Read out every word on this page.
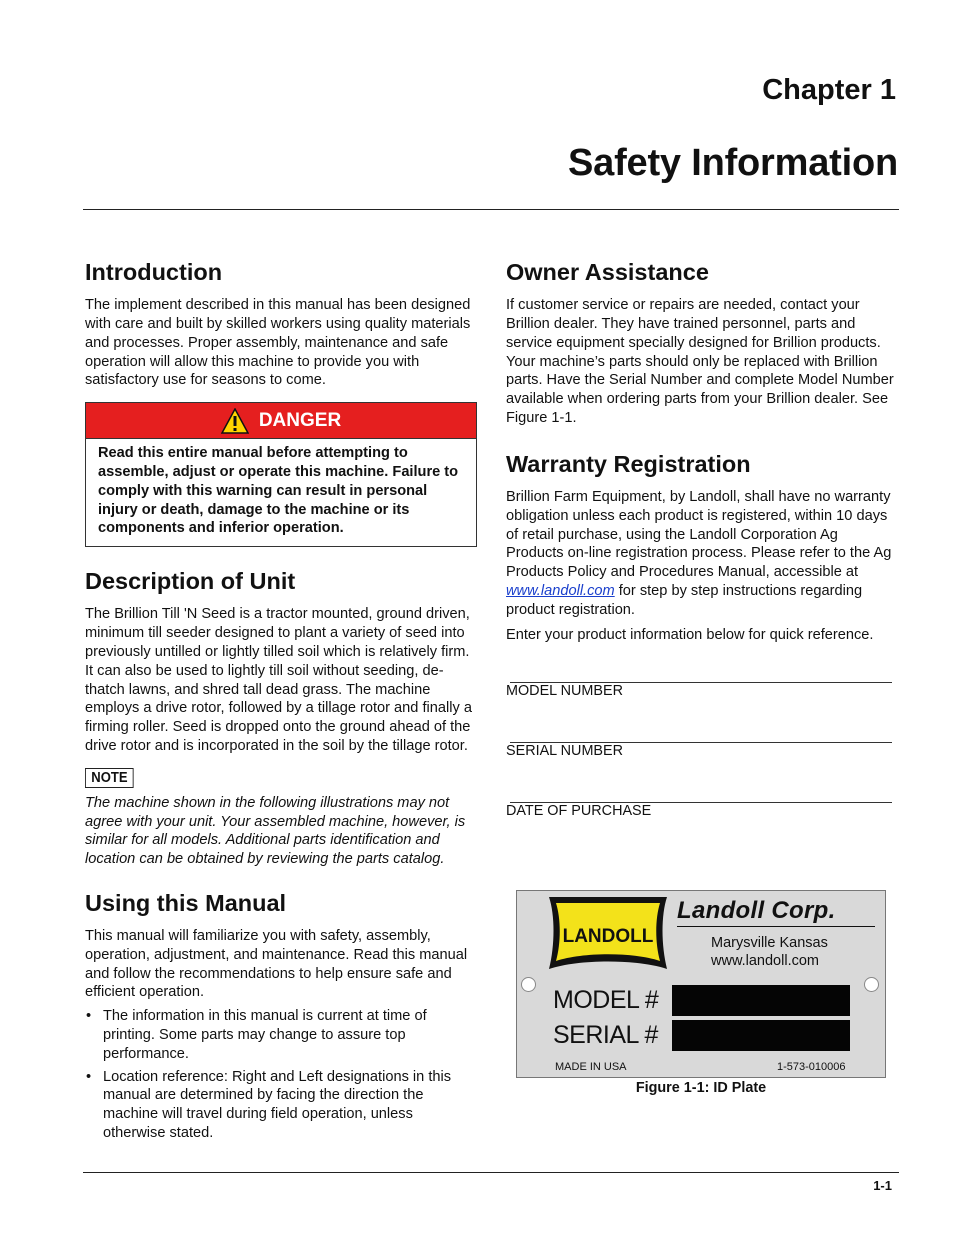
Chapter 1
Safety Information
Introduction

The implement described in this manual has been designed with care and built by skilled workers using quality materials and processes. Proper assembly, maintenance and safe operation will allow this machine to provide you with satisfactory use for seasons to come.

DANGER
Read this entire manual before attempting to assemble, adjust or operate this machine. Failure to comply with this warning can result in personal injury or death, damage to the machine or its components and inferior operation.
Description of Unit

The Brillion Till 'N Seed is a tractor mounted, ground driven, minimum till seeder designed to plant a variety of seed into previously untilled or lightly tilled soil which is relatively firm. It can also be used to lightly till soil without seeding, de-thatch lawns, and shred tall dead grass. The machine employs a drive rotor, followed by a tillage rotor and finally a firming roller. Seed is dropped onto the ground ahead of the drive rotor and is incorporated in the soil by the tillage rotor.

NOTE

The machine shown in the following illustrations may not agree with your unit. Your assembled machine, however, is similar for all models. Additional parts identification and location can be obtained by reviewing the parts catalog.

Using this Manual

This manual will familiarize you with safety, assembly, operation, adjustment, and maintenance. Read this manual and follow the recommendations to help ensure safe and efficient operation.

• The information in this manual is current at time of printing. Some parts may change to assure top performance.
• Location reference: Right and Left designations in this manual are determined by facing the direction the machine will travel during field operation, unless otherwise stated.
Owner Assistance

If customer service or repairs are needed, contact your Brillion dealer. They have trained personnel, parts and service equipment specially designed for Brillion products. Your machine’s parts should only be replaced with Brillion parts. Have the Serial Number and complete Model Number available when ordering parts from your Brillion dealer. See Figure 1-1.

Warranty Registration

Brillion Farm Equipment, by Landoll, shall have no warranty obligation unless each product is registered, within 10 days of retail purchase, using the Landoll Corporation Ag Products on-line registration process. Please refer to the Ag Products Policy and Procedures Manual, accessible at www.landoll.com for step by step instructions regarding product registration.

Enter your product information below for quick reference.

MODEL NUMBER
SERIAL NUMBER
DATE OF PURCHASE
LANDOLL
Landoll Corp.
Marysville Kansas
www.landoll.com
MODEL #
SERIAL #
MADE IN USA	1-573-010006
Figure 1-1: ID Plate
1-1
